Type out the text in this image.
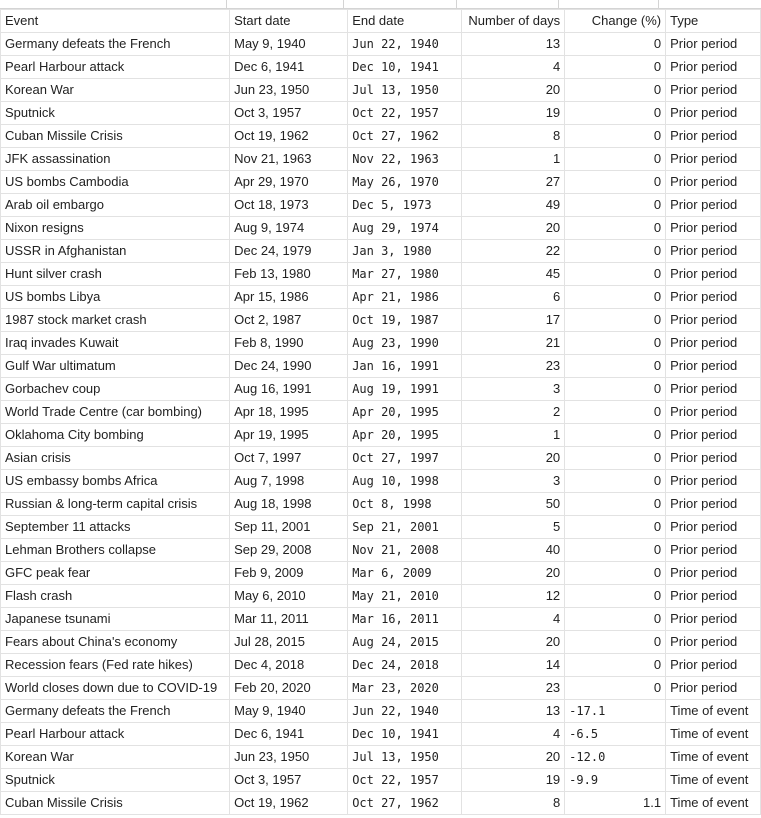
Event	Start date	End date	Number of days	Change (%)	Type
Germany defeats the French	May 9, 1940	Jun 22, 1940	13	0	Prior period
Pearl Harbour attack	Dec 6, 1941	Dec 10, 1941	4	0	Prior period
Korean War	Jun 23, 1950	Jul 13, 1950	20	0	Prior period
Sputnick	Oct 3, 1957	Oct 22, 1957	19	0	Prior period
Cuban Missile Crisis	Oct 19, 1962	Oct 27, 1962	8	0	Prior period
JFK assassination	Nov 21, 1963	Nov 22, 1963	1	0	Prior period
US bombs Cambodia	Apr 29, 1970	May 26, 1970	27	0	Prior period
Arab oil embargo	Oct 18, 1973	Dec 5, 1973	49	0	Prior period
Nixon resigns	Aug 9, 1974	Aug 29, 1974	20	0	Prior period
USSR in Afghanistan	Dec 24, 1979	Jan 3, 1980	22	0	Prior period
Hunt silver crash	Feb 13, 1980	Mar 27, 1980	45	0	Prior period
US bombs Libya	Apr 15, 1986	Apr 21, 1986	6	0	Prior period
1987 stock market crash	Oct 2, 1987	Oct 19, 1987	17	0	Prior period
Iraq invades Kuwait	Feb 8, 1990	Aug 23, 1990	21	0	Prior period
Gulf War ultimatum	Dec 24, 1990	Jan 16, 1991	23	0	Prior period
Gorbachev coup	Aug 16, 1991	Aug 19, 1991	3	0	Prior period
World Trade Centre (car bombing)	Apr 18, 1995	Apr 20, 1995	2	0	Prior period
Oklahoma City bombing	Apr 19, 1995	Apr 20, 1995	1	0	Prior period
Asian crisis	Oct 7, 1997	Oct 27, 1997	20	0	Prior period
US embassy bombs Africa	Aug 7, 1998	Aug 10, 1998	3	0	Prior period
Russian & long-term capital crisis	Aug 18, 1998	Oct 8, 1998	50	0	Prior period
September 11 attacks	Sep 11, 2001	Sep 21, 2001	5	0	Prior period
Lehman Brothers collapse	Sep 29, 2008	Nov 21, 2008	40	0	Prior period
GFC peak fear	Feb 9, 2009	Mar 6, 2009	20	0	Prior period
Flash crash	May 6, 2010	May 21, 2010	12	0	Prior period
Japanese tsunami	Mar 11, 2011	Mar 16, 2011	4	0	Prior period
Fears about China's economy	Jul 28, 2015	Aug 24, 2015	20	0	Prior period
Recession fears (Fed rate hikes)	Dec 4, 2018	Dec 24, 2018	14	0	Prior period
World closes down due to COVID-19	Feb 20, 2020	Mar 23, 2020	23	0	Prior period
Germany defeats the French	May 9, 1940	Jun 22, 1940	13	-17.1	Time of event
Pearl Harbour attack	Dec 6, 1941	Dec 10, 1941	4	-6.5	Time of event
Korean War	Jun 23, 1950	Jul 13, 1950	20	-12.0	Time of event
Sputnick	Oct 3, 1957	Oct 22, 1957	19	-9.9	Time of event
Cuban Missile Crisis	Oct 19, 1962	Oct 27, 1962	8	1.1	Time of event
